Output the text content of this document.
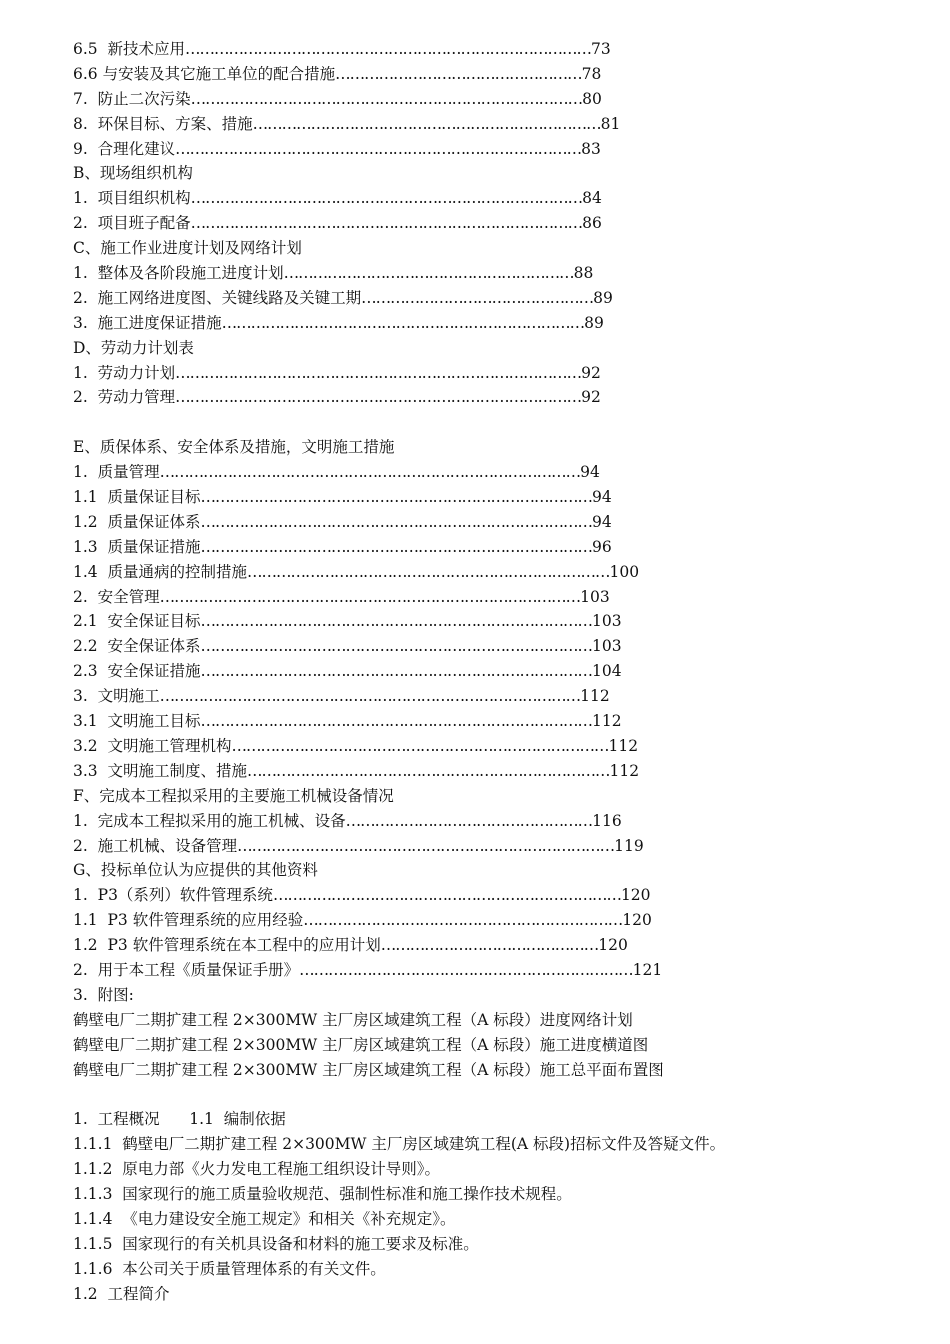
6.5  新技术应用 ………………………………………………………………………… 73
6.6 与安装及其它施工单位的配合措施 …………………………………………… 78
7.  防止二次污染 ……………………………………………………………………… 80
8.  环保目标、方案、措施 ……………………………………………………………… 81
9.  合理化建议 ………………………………………………………………………… 83
B、现场组织机构
1.  项目组织机构 ……………………………………………………………………… 84
2.  项目班子配备 ……………………………………………………………………… 86
C、施工作业进度计划及网络计划
1.  整体及各阶段施工进度计划 …………………………………………………… 88
2.  施工网络进度图、关键线路及关键工期 ………………………………………… 89
3.  施工进度保证措施 ………………………………………………………………… 89
D、劳动力计划表
1.  劳动力计划 ………………………………………………………………………… 92
2.  劳动力管理 ………………………………………………………………………… 92
E、质保体系、安全体系及措施，文明施工措施
1.  质量管理 …………………………………………………………………………… 94
1.1  质量保证目标 ……………………………………………………………………… 94
1.2  质量保证体系 ……………………………………………………………………… 94
1.3  质量保证措施 ……………………………………………………………………… 96
1.4  质量通病的控制措施 ………………………………………………………………… 100
2.  安全管理 …………………………………………………………………………… 103
2.1  安全保证目标 ……………………………………………………………………… 103
2.2  安全保证体系 ……………………………………………………………………… 103
2.3  安全保证措施 ……………………………………………………………………… 104
3.  文明施工 …………………………………………………………………………… 112
3.1  文明施工目标 ……………………………………………………………………… 112
3.2  文明施工管理机构 …………………………………………………………………… 112
3.3  文明施工制度、措施 ………………………………………………………………… 112
F、完成本工程拟采用的主要施工机械设备情况
1.  完成本工程拟采用的施工机械、设备 …………………………………………… 116
2.  施工机械、设备管理 …………………………………………………………………… 119
G、投标单位认为应提供的其他资料
1.  P3（系列）软件管理系统 ……………………………………………………………… 120
1.1  P3 软件管理系统的应用经验 ………………………………………………………… 120
1.2  P3 软件管理系统在本工程中的应用计划 ……………………………………… 120
2.  用于本工程《质量保证手册》 …………………………………………………………… 121
3.  附图:
鹤壁电厂二期扩建工程 2×300MW 主厂房区域建筑工程（A 标段）进度网络计划
鹤壁电厂二期扩建工程 2×300MW 主厂房区域建筑工程（A 标段）施工进度横道图
鹤壁电厂二期扩建工程 2×300MW 主厂房区域建筑工程（A 标段）施工总平面布置图
1.  工程概况      1.1  编制依据
1.1.1  鹤壁电厂二期扩建工程 2×300MW 主厂房区域建筑工程(A 标段)招标文件及答疑文件。
1.1.2  原电力部《火力发电工程施工组织设计导则》。
1.1.3  国家现行的施工质量验收规范、强制性标准和施工操作技术规程。
1.1.4  《电力建设安全施工规定》和相关《补充规定》。
1.1.5  国家现行的有关机具设备和材料的施工要求及标准。
1.1.6  本公司关于质量管理体系的有关文件。
1.2  工程简介
